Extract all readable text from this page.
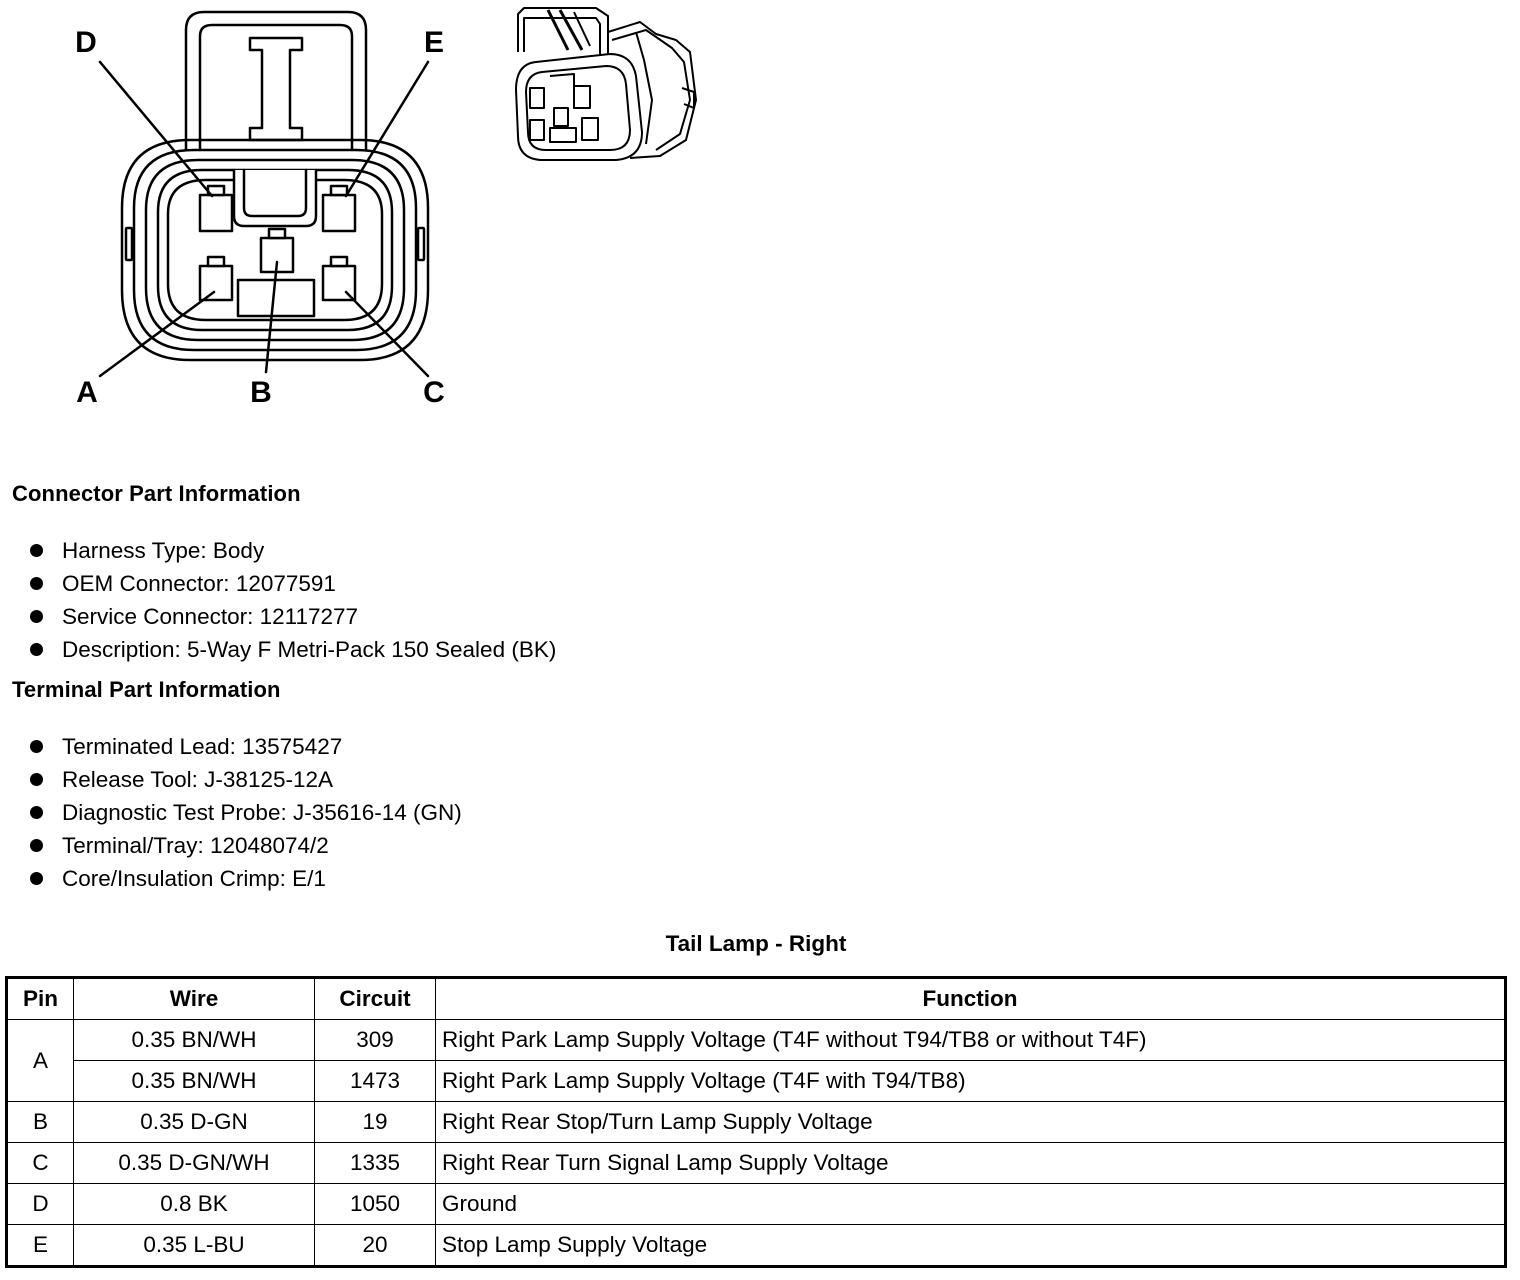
D	E
A	B	C
Connector Part Information
Harness Type: Body
OEM Connector: 12077591
Service Connector: 12117277
Description: 5-Way F Metri-Pack 150 Sealed (BK)
Terminal Part Information
Terminated Lead: 13575427
Release Tool: J-38125-12A
Diagnostic Test Probe: J-35616-14 (GN)
Terminal/Tray: 12048074/2
Core/Insulation Crimp: E/1
Tail Lamp - Right
Pin	Wire	Circuit	Function
A	0.35 BN/WH	309	Right Park Lamp Supply Voltage (T4F without T94/TB8 or without T4F)
	0.35 BN/WH	1473	Right Park Lamp Supply Voltage (T4F with T94/TB8)
B	0.35 D-GN	19	Right Rear Stop/Turn Lamp Supply Voltage
C	0.35 D-GN/WH	1335	Right Rear Turn Signal Lamp Supply Voltage
D	0.8 BK	1050	Ground
E	0.35 L-BU	20	Stop Lamp Supply Voltage
